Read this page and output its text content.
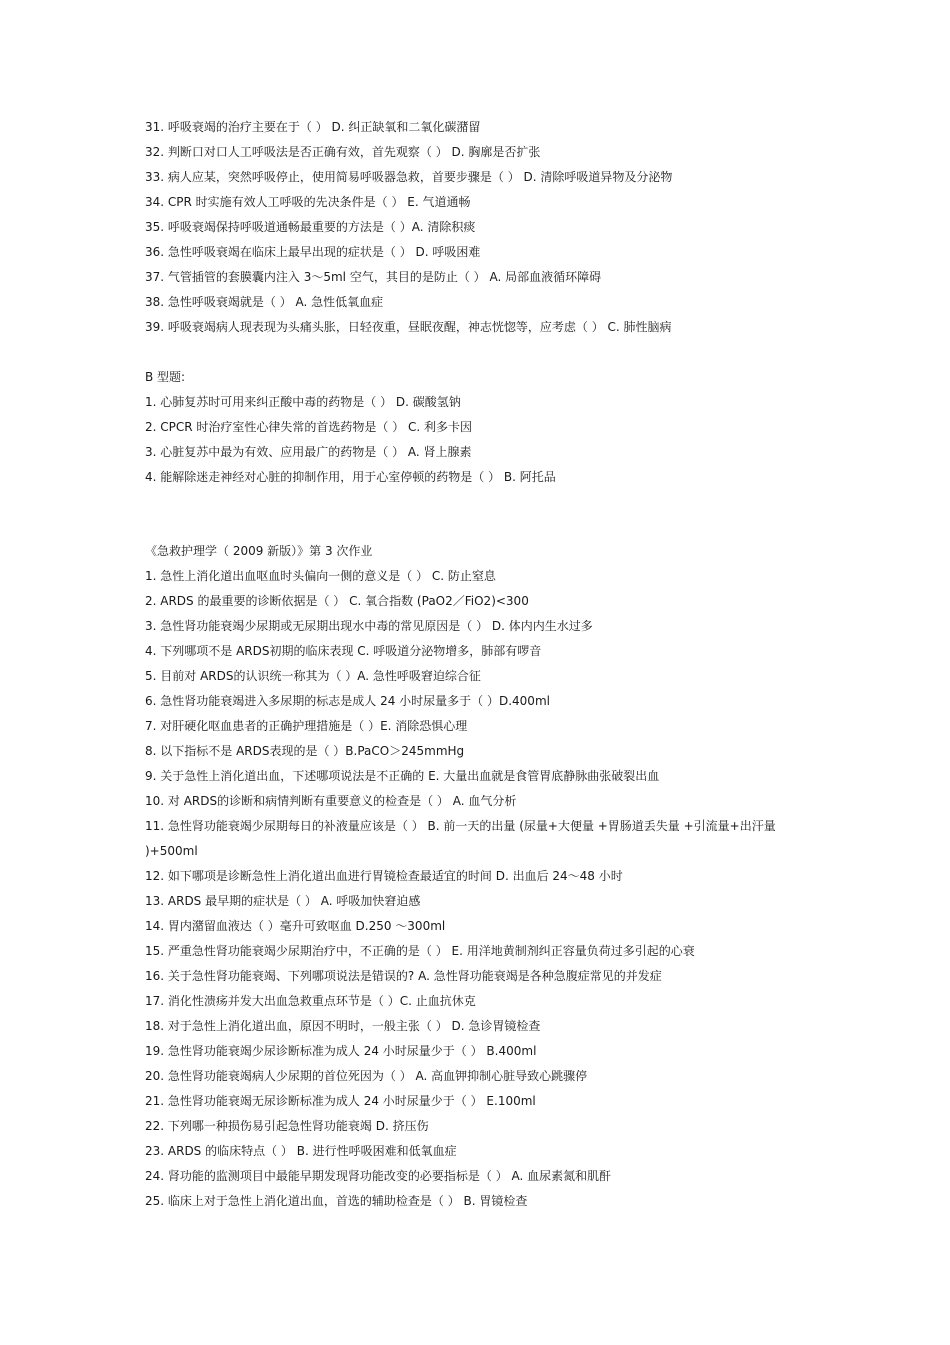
31. 呼吸衰竭的治疗主要在于（ ） D. 纠正缺氧和二氧化碳潴留
32. 判断口对口人工呼吸法是否正确有效，首先观察（ ） D. 胸廓是否扩张
33. 病人应某，突然呼吸停止，使用简易呼吸器急救，首要步骤是（ ） D. 清除呼吸道异物及分泌物
34. CPR 时实施有效人工呼吸的先决条件是（ ） E. 气道通畅
35. 呼吸衰竭保持呼吸道通畅最重要的方法是（ ）A. 清除积痰
36. 急性呼吸衰竭在临床上最早出现的症状是（ ） D. 呼吸困难
37. 气管插管的套膜囊内注入 3～5ml 空气，其目的是防止（ ） A. 局部血液循环障碍
38. 急性呼吸衰竭就是（ ） A. 急性低氧血症
39. 呼吸衰竭病人现表现为头痛头胀，日轻夜重，昼眠夜醒，神志恍惚等，应考虑（ ） C. 肺性脑病
B 型题:
1. 心肺复苏时可用来纠正酸中毒的药物是（ ） D. 碳酸氢钠
2. CPCR 时治疗室性心律失常的首选药物是（ ） C. 利多卡因
3. 心脏复苏中最为有效、应用最广的药物是（ ） A. 肾上腺素
4. 能解除迷走神经对心脏的抑制作用，用于心室停顿的药物是（ ） B. 阿托品
《急救护理学（ 2009 新版）》第 3 次作业
1. 急性上消化道出血呕血时头偏向一侧的意义是（ ） C. 防止窒息
2. ARDS 的最重要的诊断依据是（ ） C. 氧合指数 (PaO2／FiO2)<300
3. 急性肾功能衰竭少尿期或无尿期出现水中毒的常见原因是（ ） D. 体内内生水过多
4. 下列哪项不是 ARDS初期的临床表现 C. 呼吸道分泌物增多，肺部有啰音
5. 目前对 ARDS的认识统一称其为（ ）A. 急性呼吸窘迫综合征
6. 急性肾功能衰竭进入多尿期的标志是成人 24 小时尿量多于（ ）D.400ml
7. 对肝硬化呕血患者的正确护理措施是（ ）E. 消除恐惧心理
8. 以下指标不是 ARDS表现的是（ ）B.PaCO＞245mmHg
9. 关于急性上消化道出血，下述哪项说法是不正确的 E. 大量出血就是食管胃底静脉曲张破裂出血
10. 对 ARDS的诊断和病情判断有重要意义的检查是（ ） A. 血气分析
11. 急性肾功能衰竭少尿期每日的补液量应该是（ ） B. 前一天的出量 (尿量+大便量 +胃肠道丢失量 +引流量+出汗量 )+500ml
12. 如下哪项是诊断急性上消化道出血进行胃镜检查最适宜的时间 D. 出血后 24～48 小时
13. ARDS 最早期的症状是（ ） A. 呼吸加快窘迫感
14. 胃内潴留血液达（ ）毫升可致呕血 D.250 ～300ml
15. 严重急性肾功能衰竭少尿期治疗中，不正确的是（ ） E. 用洋地黄制剂纠正容量负荷过多引起的心衰
16. 关于急性肾功能衰竭、下列哪项说法是错误的? A. 急性肾功能衰竭是各种急腹症常见的并发症
17. 消化性溃疡并发大出血急救重点环节是（ ）C. 止血抗休克
18. 对于急性上消化道出血，原因不明时，一般主张（ ） D. 急诊胃镜检查
19. 急性肾功能衰竭少尿诊断标准为成人 24 小时尿量少于（ ） B.400ml
20. 急性肾功能衰竭病人少尿期的首位死因为（ ） A. 高血钾抑制心脏导致心跳骤停
21. 急性肾功能衰竭无尿诊断标准为成人 24 小时尿量少于（ ） E.100ml
22. 下列哪一种损伤易引起急性肾功能衰竭 D. 挤压伤
23. ARDS 的临床特点（ ） B. 进行性呼吸困难和低氧血症
24. 肾功能的监测项目中最能早期发现肾功能改变的必要指标是（ ） A. 血尿素氮和肌酐
25. 临床上对于急性上消化道出血，首选的辅助检查是（ ） B. 胃镜检查
